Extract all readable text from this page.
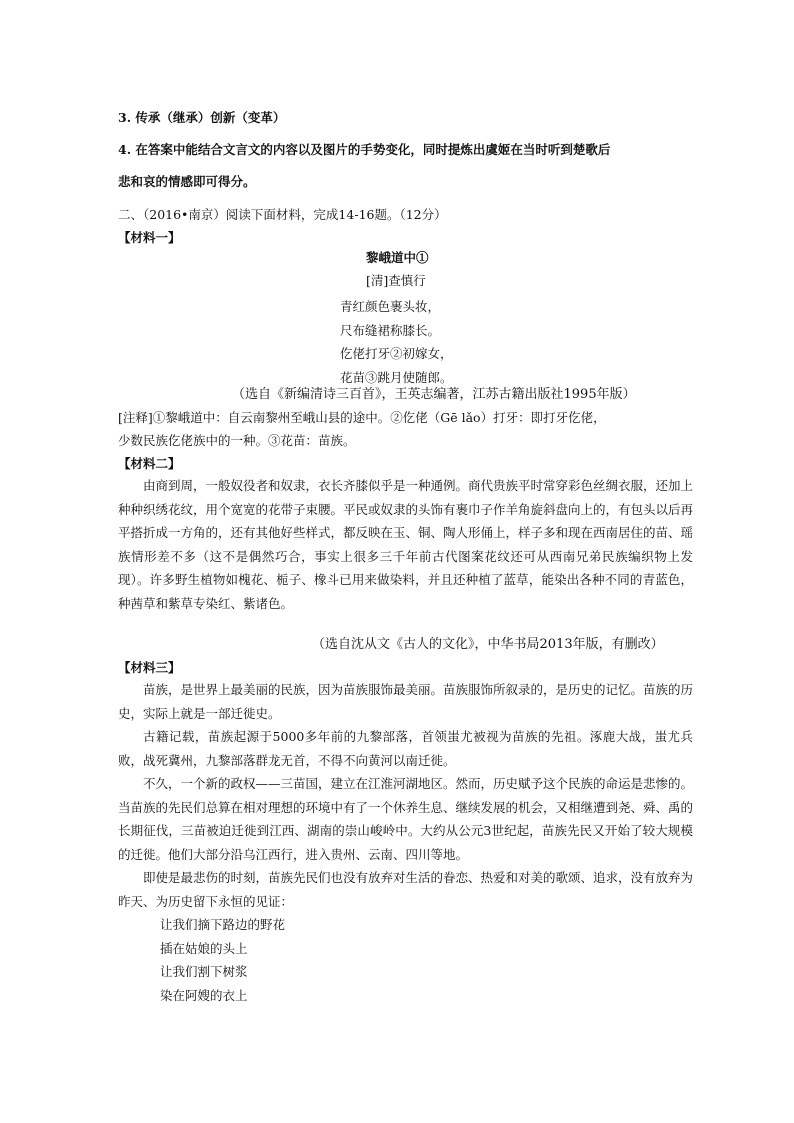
3. 传承（继承）创新（变革）
4. 在答案中能结合文言文的内容以及图片的手势变化，同时提炼出虞姬在当时听到楚歌后
悲和哀的情感即可得分。
二、（2016•南京）阅读下面材料，完成14-16题。（12分）
【材料一】
黎峨道中①
[清]查慎行
青红颜色裹头妆，
尺布缝裙称膝长。
仡佬打牙②初嫁女，
花苗③跳月使随郎。
（选自《新编清诗三百首》，王英志编著，江苏古籍出版社1995年版）
[注释]①黎峨道中：自云南黎州至峨山县的途中。②仡佬（Gē lǎo）打牙：即打牙仡佬，
少数民族仡佬族中的一种。③花苗：苗族。
【材料二】
由商到周，一般奴役者和奴隶，衣长齐膝似乎是一种通例。商代贵族平时常穿彩色丝绸衣服，还加上种种织绣花纹，用个宽宽的花带子束腰。平民或奴隶的头饰有裹巾子作羊角旋斜盘向上的，有包头以后再平搭折成一方角的，还有其他好些样式，都反映在玉、铜、陶人形俑上，样子多和现在西南居住的苗、瑶族情形差不多（这不是偶然巧合，事实上很多三千年前古代图案花纹还可从西南兄弟民族编织物上发现）。许多野生植物如槐花、栀子、橡斗已用来做染料，并且还种植了蓝草，能染出各种不同的青蓝色，种茜草和紫草专染红、紫诸色。
（选自沈从文《古人的文化》，中华书局2013年版，有删改）
【材料三】
苗族，是世界上最美丽的民族，因为苗族服饰最美丽。苗族服饰所叙录的，是历史的记忆。苗族的历史，实际上就是一部迁徙史。
古籍记载，苗族起源于5000多年前的九黎部落，首领蚩尤被视为苗族的先祖。涿鹿大战，蚩尤兵败，战死冀州，九黎部落群龙无首，不得不向黄河以南迁徙。
不久，一个新的政权——三苗国，建立在江淮河湖地区。然而，历史赋予这个民族的命运是悲惨的。当苗族的先民们总算在相对理想的环境中有了一个休养生息、继续发展的机会，又相继遭到尧、舜、禹的长期征伐，三苗被迫迁徙到江西、湖南的崇山峻岭中。大约从公元3世纪起，苗族先民又开始了较大规模的迁徙。他们大部分沿乌江西行，进入贵州、云南、四川等地。
即使是最悲伤的时刻，苗族先民们也没有放弃对生活的眷恋、热爱和对美的歌颂、追求，没有放弃为昨天、为历史留下永恒的见证：
让我们摘下路边的野花
插在姑娘的头上
让我们割下树浆
染在阿嫂的衣上
